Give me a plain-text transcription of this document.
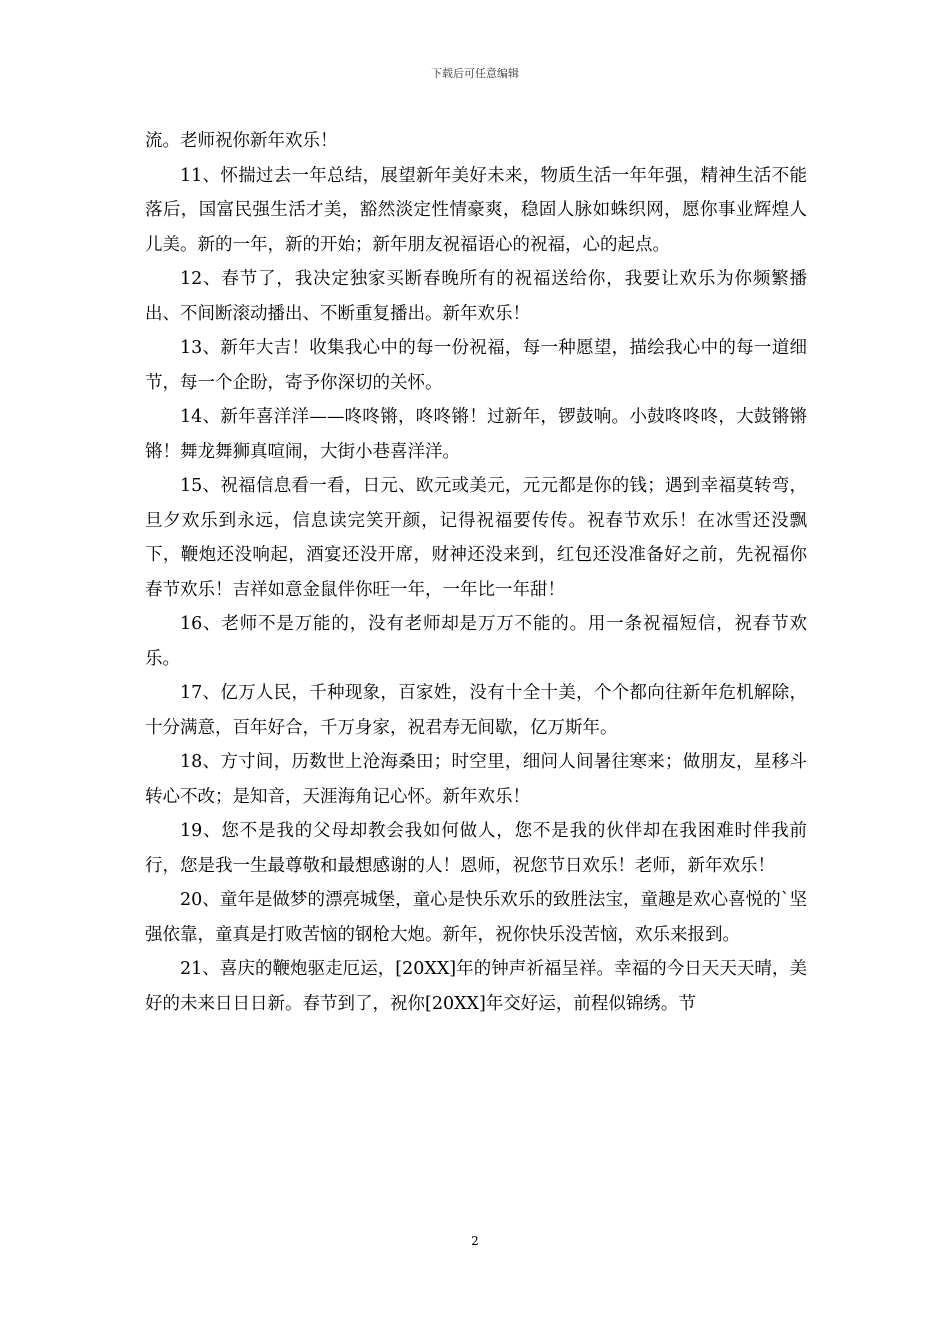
下载后可任意编辑

流。老师祝你新年欢乐！

11、怀揣过去一年总结，展望新年美好未来，物质生活一年年强，精神生活不能落后，国富民强生活才美，豁然淡定性情豪爽，稳固人脉如蛛织网，愿你事业辉煌人儿美。新的一年，新的开始；新年朋友祝福语心的祝福，心的起点。

12、春节了，我决定独家买断春晚所有的祝福送给你，我要让欢乐为你频繁播出、不间断滚动播出、不断重复播出。新年欢乐！

13、新年大吉！收集我心中的每一份祝福，每一种愿望，描绘我心中的每一道细节，每一个企盼，寄予你深切的关怀。

14、新年喜洋洋——咚咚锵，咚咚锵！过新年，锣鼓响。小鼓咚咚咚，大鼓锵锵锵！舞龙舞狮真喧闹，大街小巷喜洋洋。

15、祝福信息看一看，日元、欧元或美元，元元都是你的钱；遇到幸福莫转弯，旦夕欢乐到永远，信息读完笑开颜，记得祝福要传传。祝春节欢乐！在冰雪还没飘下，鞭炮还没响起，酒宴还没开席，财神还没来到，红包还没准备好之前，先祝福你春节欢乐！吉祥如意金鼠伴你旺一年，一年比一年甜！

16、老师不是万能的，没有老师却是万万不能的。用一条祝福短信，祝春节欢乐。

17、亿万人民，千种现象，百家姓，没有十全十美，个个都向往新年危机解除，十分满意，百年好合，千万身家，祝君寿无间歇，亿万斯年。

18、方寸间，历数世上沧海桑田；时空里，细问人间暑往寒来；做朋友，星移斗转心不改；是知音，天涯海角记心怀。新年欢乐！

19、您不是我的父母却教会我如何做人，您不是我的伙伴却在我困难时伴我前行，您是我一生最尊敬和最想感谢的人！恩师，祝您节日欢乐！老师，新年欢乐！

20、童年是做梦的漂亮城堡，童心是快乐欢乐的致胜法宝，童趣是欢心喜悦的`坚强依靠，童真是打败苦恼的钢枪大炮。新年，祝你快乐没苦恼，欢乐来报到。

21、喜庆的鞭炮驱走厄运，[20XX]年的钟声祈福呈祥。幸福的今日天天天晴，美好的未来日日日新。春节到了，祝你[20XX]年交好运，前程似锦绣。节

2
